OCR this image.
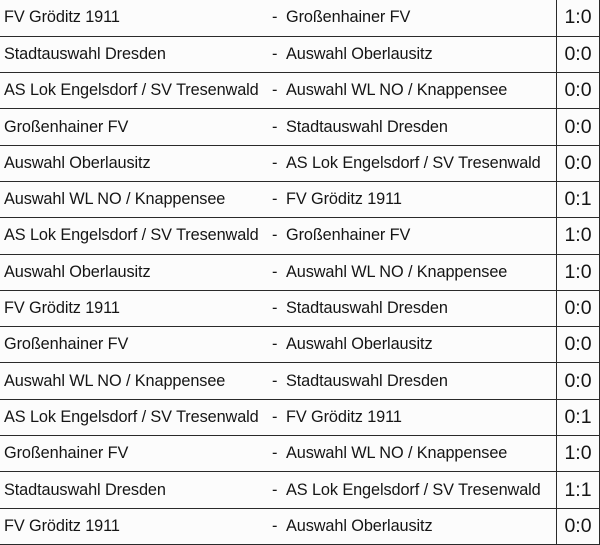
FV Gröditz 1911	- Großenhainer FV	1:0
Stadtauswahl Dresden	- Auswahl Oberlausitz	0:0
AS Lok Engelsdorf / SV Tresenwald	- Auswahl WL NO / Knappensee	0:0
Großenhainer FV	- Stadtauswahl Dresden	0:0
Auswahl Oberlausitz	- AS Lok Engelsdorf / SV Tresenwald	0:0
Auswahl WL NO / Knappensee	- FV Gröditz 1911	0:1
AS Lok Engelsdorf / SV Tresenwald	- Großenhainer FV	1:0
Auswahl Oberlausitz	- Auswahl WL NO / Knappensee	1:0
FV Gröditz 1911	- Stadtauswahl Dresden	0:0
Großenhainer FV	- Auswahl Oberlausitz	0:0
Auswahl WL NO / Knappensee	- Stadtauswahl Dresden	0:0
AS Lok Engelsdorf / SV Tresenwald	- FV Gröditz 1911	0:1
Großenhainer FV	- Auswahl WL NO / Knappensee	1:0
Stadtauswahl Dresden	- AS Lok Engelsdorf / SV Tresenwald	1:1
FV Gröditz 1911	- Auswahl Oberlausitz	0:0
